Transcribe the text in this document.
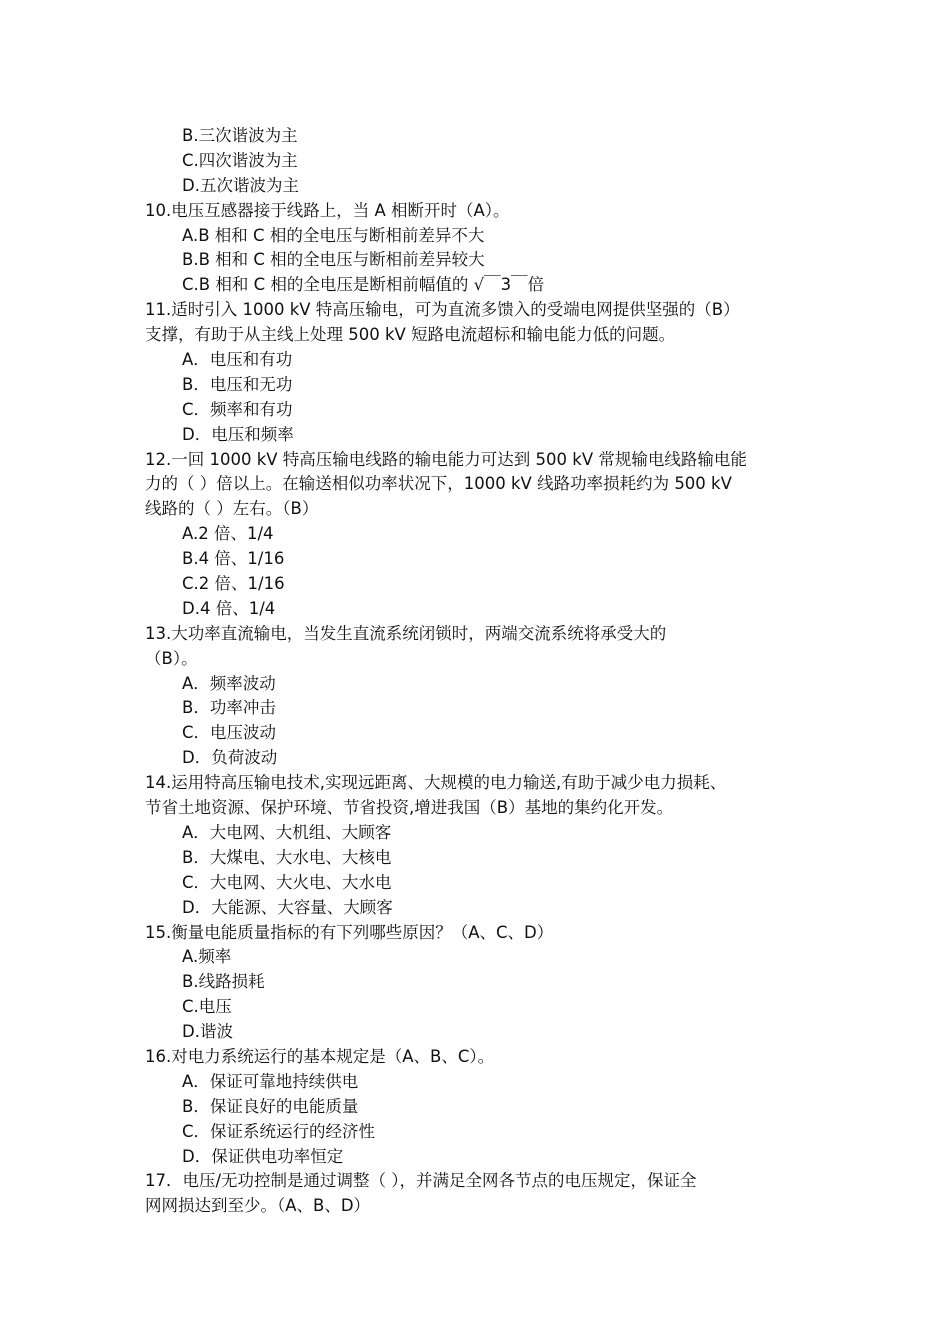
B.三次谐波为主
C.四次谐波为主
D.五次谐波为主
10.电压互感器接于线路上，当 A 相断开时（A）。
A.B 相和 C 相的全电压与断相前差异不大
B.B 相和 C 相的全电压与断相前差异较大
C.B 相和 C 相的全电压是断相前幅值的 √￣3￣倍
11.适时引入 1000 kV 特高压输电，可为直流多馈入的受端电网提供坚强的（B）
支撑，有助于从主线上处理 500 kV 短路电流超标和输电能力低的问题。
A．电压和有功
B．电压和无功
C．频率和有功
D．电压和频率
12.一回 1000 kV 特高压输电线路的输电能力可达到 500 kV 常规输电线路输电能
力的（ ）倍以上。在输送相似功率状况下，1000 kV 线路功率损耗约为 500 kV
线路的（ ）左右。（B）
A.2 倍、1/4
B.4 倍、1/16
C.2 倍、1/16
D.4 倍、1/4
13.大功率直流输电，当发生直流系统闭锁时，两端交流系统将承受大的
（B）。
A．频率波动
B．功率冲击
C．电压波动
D．负荷波动
14.运用特高压输电技术,实现远距离、大规模的电力输送,有助于减少电力损耗、
节省土地资源、保护环境、节省投资,增进我国（B）基地的集约化开发。
A．大电网、大机组、大顾客
B．大煤电、大水电、大核电
C．大电网、大火电、大水电
D．大能源、大容量、大顾客
15.衡量电能质量指标的有下列哪些原因？（A、C、D）
A.频率
B.线路损耗
C.电压
D.谐波
16.对电力系统运行的基本规定是（A、B、C）。
A．保证可靠地持续供电
B．保证良好的电能质量
C．保证系统运行的经济性
D．保证供电功率恒定
17．电压/无功控制是通过调整（ ），并满足全网各节点的电压规定，保证全
网网损达到至少。（A、B、D）
